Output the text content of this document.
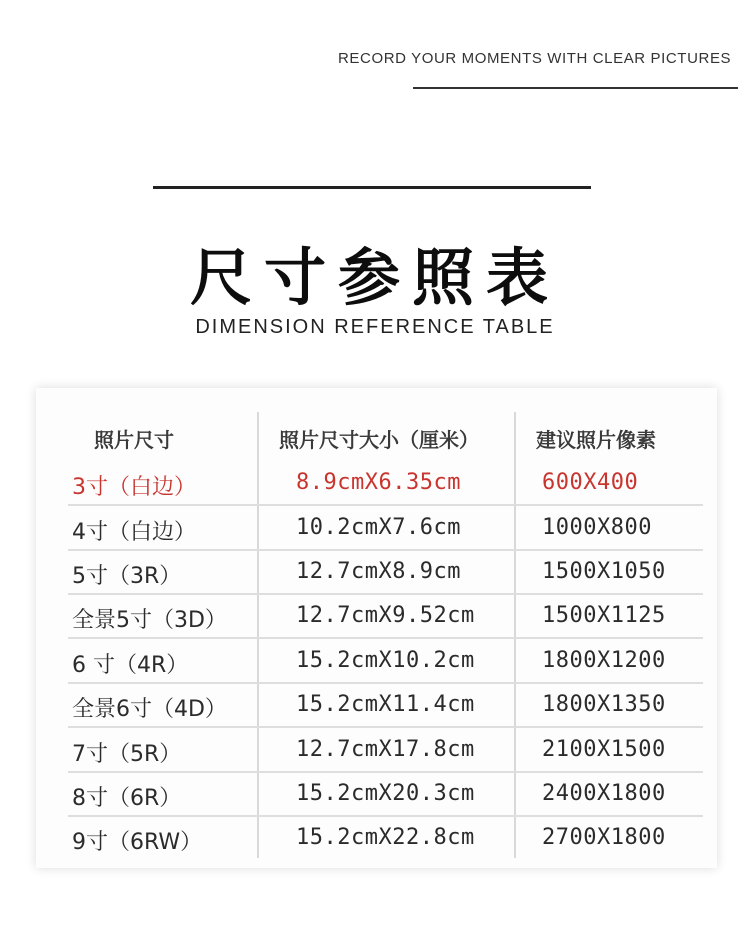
RECORD YOUR MOMENTS WITH CLEAR PICTURES
尺寸参照表
DIMENSION REFERENCE TABLE
照片尺寸	照片尺寸大小（厘米）	建议照片像素
3寸（白边）	8.9cmX6.35cm	600X400
4寸（白边）	10.2cmX7.6cm	1000X800
5寸（3R）	12.7cmX8.9cm	1500X1050
全景5寸（3D）	12.7cmX9.52cm	1500X1125
6 寸（4R）	15.2cmX10.2cm	1800X1200
全景6寸（4D）	15.2cmX11.4cm	1800X1350
7寸（5R）	12.7cmX17.8cm	2100X1500
8寸（6R）	15.2cmX20.3cm	2400X1800
9寸（6RW）	15.2cmX22.8cm	2700X1800
